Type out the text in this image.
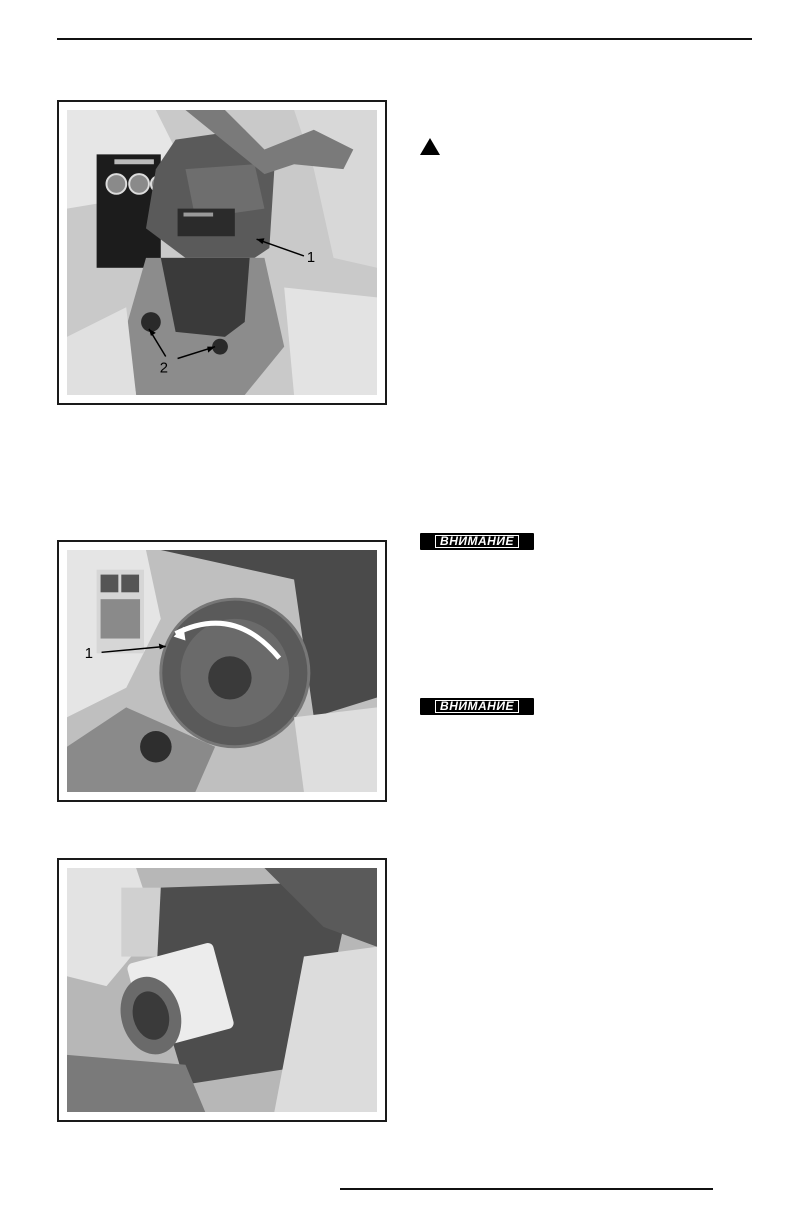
1
2
1
ВНИМАНИЕ
ВНИМАНИЕ
